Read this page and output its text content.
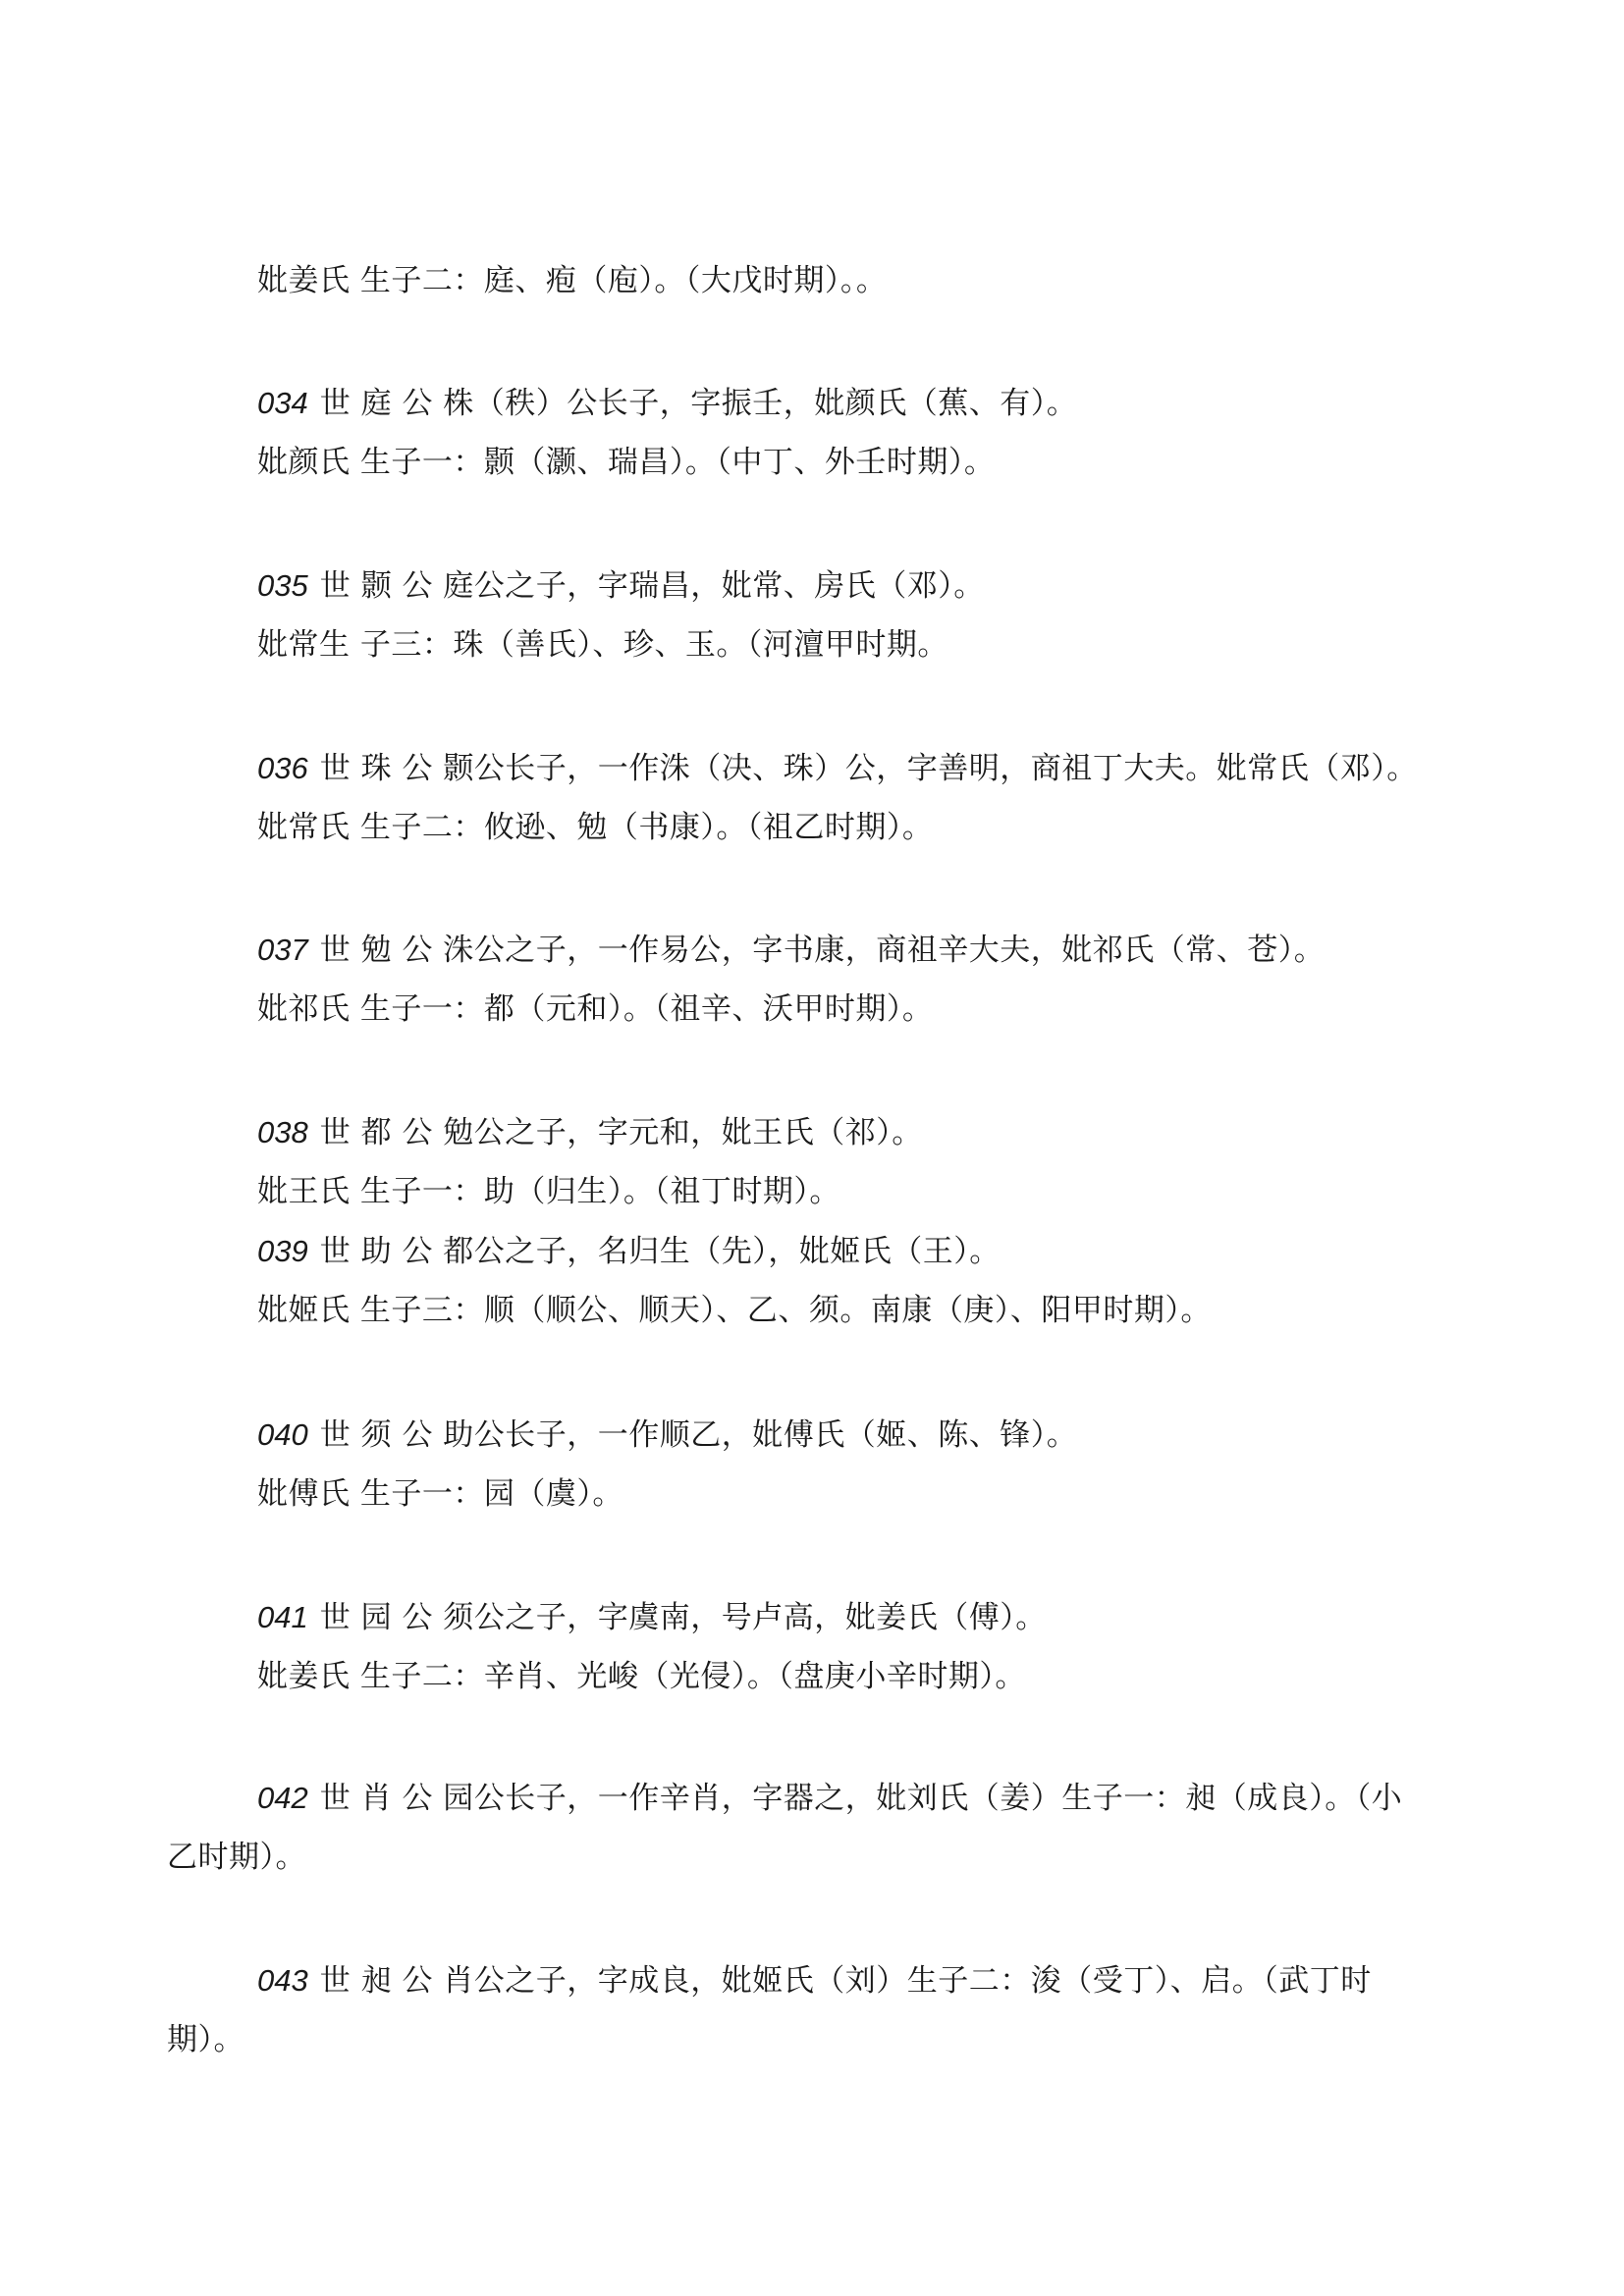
妣姜氏 生子二：庭、疱（庖）。（大戊时期）。。
034 世 庭 公 株（秩）公长子，字振壬，妣颜氏（蕉、有）。
妣颜氏 生子一：颢（灏、瑞昌）。（中丁、外壬时期）。
035 世 颢 公 庭公之子，字瑞昌，妣常、房氏（邓）。
妣常生 子三：珠（善氏）、珍、玉。（河澶甲时期。
036 世 珠 公 颢公长子，一作洙（决、珠）公，字善明，商祖丁大夫。妣常氏（邓）。
妣常氏 生子二：攸逊、勉（书康）。（祖乙时期）。
037 世 勉 公 洙公之子，一作易公，字书康，商祖辛大夫，妣祁氏（常、苍）。
妣祁氏 生子一：都（元和）。（祖辛、沃甲时期）。
038 世 都 公 勉公之子，字元和，妣王氏（祁）。
妣王氏 生子一：助（归生）。（祖丁时期）。
039 世 助 公 都公之子，名归生（先），妣姬氏（王）。
妣姬氏 生子三：顺（顺公、顺天）、乙、须。南康（庚）、阳甲时期）。
040 世 须 公 助公长子，一作顺乙，妣傅氏（姬、陈、锋）。
妣傅氏 生子一：园（虞）。
041 世 园 公 须公之子，字虞南，号卢高，妣姜氏（傅）。
妣姜氏 生子二：辛肖、光峻（光侵）。（盘庚小辛时期）。
042 世 肖 公 园公长子，一作辛肖，字器之，妣刘氏（姜）生子一：昶（成良）。（小
乙时期）。
043 世 昶 公 肖公之子，字成良，妣姬氏（刘）生子二：浚（受丁）、启。（武丁时
期）。
